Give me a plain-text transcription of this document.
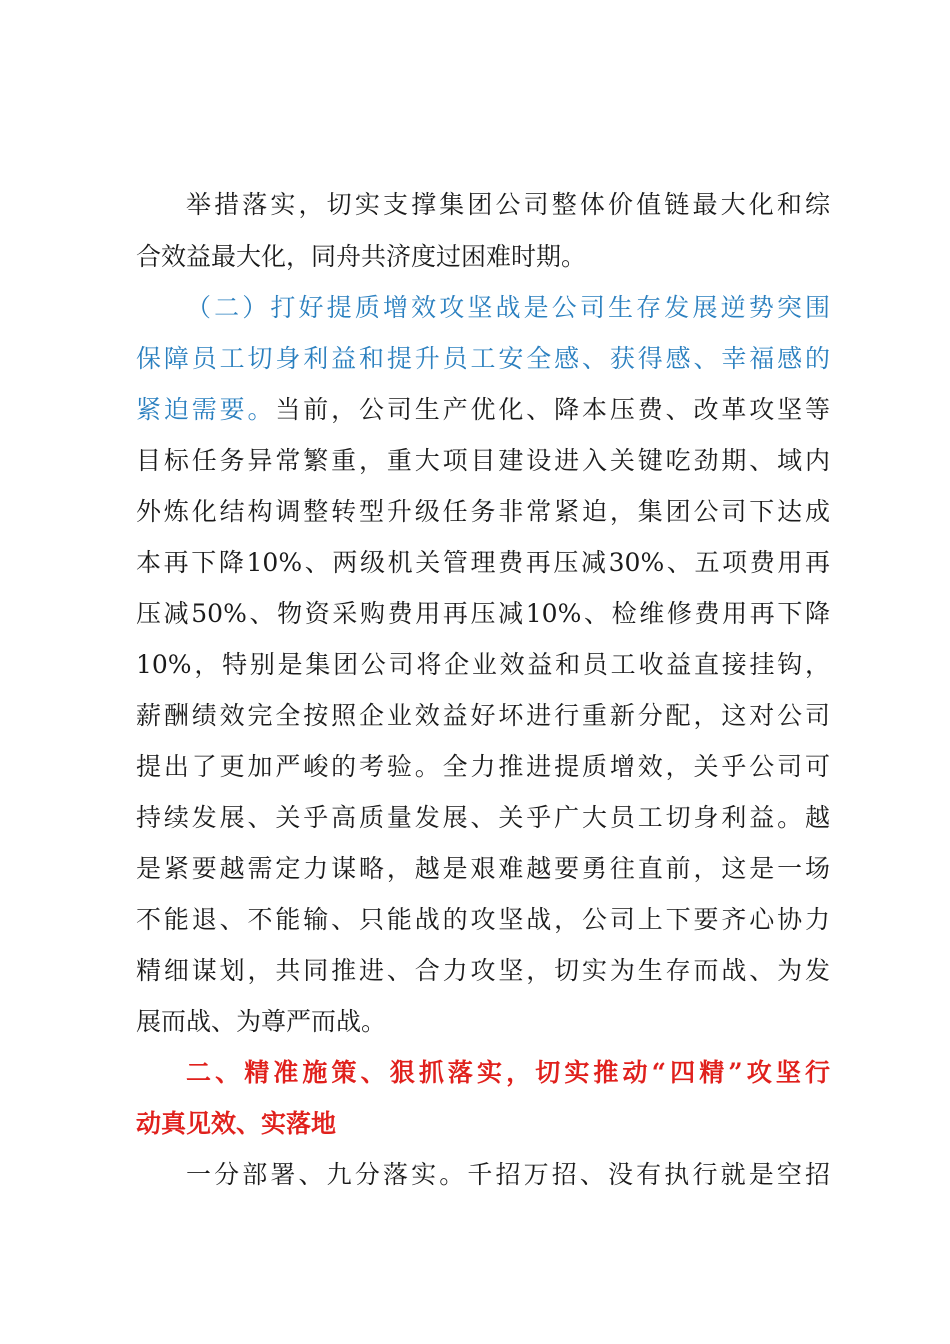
举措落实，切实支撑集团公司整体价值链最大化和综
合效益最大化，同舟共济度过困难时期。
（二）打好提质增效攻坚战是公司生存发展逆势突围
保障员工切身利益和提升员工安全感、获得感、幸福感的
紧迫需要。当前，公司生产优化、降本压费、改革攻坚等
目标任务异常繁重，重大项目建设进入关键吃劲期、域内
外炼化结构调整转型升级任务非常紧迫，集团公司下达成
本再下降10%、两级机关管理费再压减30%、五项费用再
压减50%、物资采购费用再压减10%、检维修费用再下降
10%，特别是集团公司将企业效益和员工收益直接挂钩，
薪酬绩效完全按照企业效益好坏进行重新分配，这对公司
提出了更加严峻的考验。全力推进提质增效，关乎公司可
持续发展、关乎高质量发展、关乎广大员工切身利益。越
是紧要越需定力谋略，越是艰难越要勇往直前，这是一场
不能退、不能输、只能战的攻坚战，公司上下要齐心协力
精细谋划，共同推进、合力攻坚，切实为生存而战、为发
展而战、为尊严而战。
二、精准施策、狠抓落实，切实推动“四精”攻坚行
动真见效、实落地
一分部署、九分落实。千招万招、没有执行就是空招
